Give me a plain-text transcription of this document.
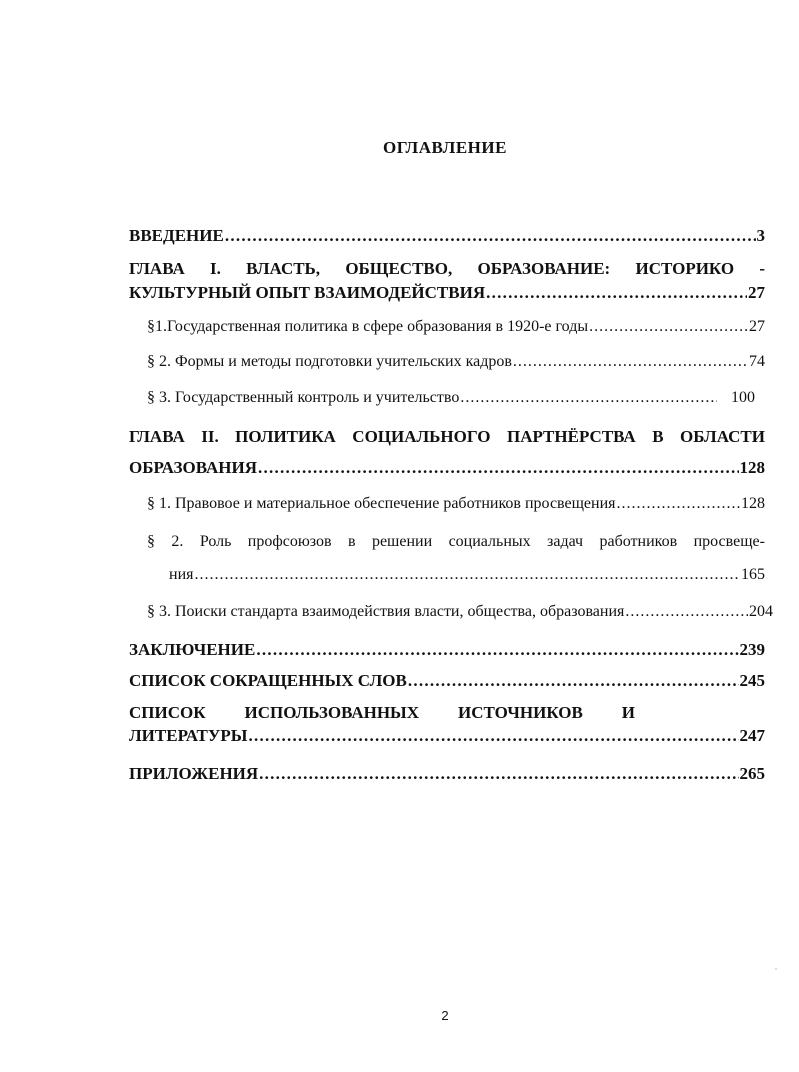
ОГЛАВЛЕНИЕ
ВВЕДЕНИЕ . . .	3
ГЛАВА I. ВЛАСТЬ, ОБЩЕСТВО, ОБРАЗОВАНИЕ: ИСТОРИКО -
КУЛЬТУРНЫЙ ОПЫТ ВЗАИМОДЕЙСТВИЯ . . .	27
§1.Государственная политика в сфере образования в 1920-е годы . . .	27
§ 2. Формы и методы подготовки учительских кадров . . .	74
§ 3. Государственный контроль и учительство . . .	100
ГЛАВА II. ПОЛИТИКА СОЦИАЛЬНОГО ПАРТНЁРСТВА В ОБЛАСТИ
ОБРАЗОВАНИЯ . . .	128
§ 1. Правовое и материальное обеспечение работников просвещения . . .	128
§ 2. Роль профсоюзов в решении социальных задач работников просвеще-
ния . . .	165
§ 3. Поиски стандарта взаимодействия власти, общества, образования . . .	204
ЗАКЛЮЧЕНИЕ . . .	239
СПИСОК СОКРАЩЕННЫХ СЛОВ . . .	245
СПИСОК ИСПОЛЬЗОВАННЫХ ИСТОЧНИКОВ И
ЛИТЕРАТУРЫ . . .	247
ПРИЛОЖЕНИЯ . . .	265
2
